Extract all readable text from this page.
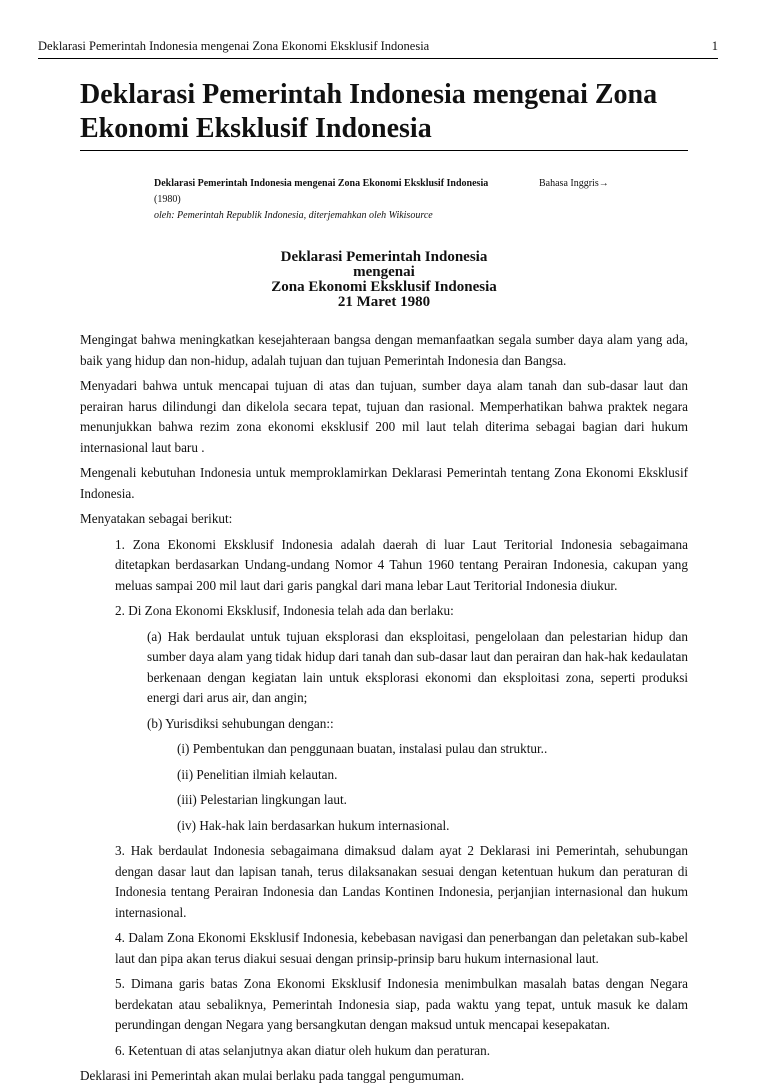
Deklarasi Pemerintah Indonesia mengenai Zona Ekonomi Eksklusif Indonesia	1
Deklarasi Pemerintah Indonesia mengenai Zona Ekonomi Eksklusif Indonesia
Deklarasi Pemerintah Indonesia mengenai Zona Ekonomi Eksklusif Indonesia	Bahasa Inggris→
(1980)
oleh: Pemerintah Republik Indonesia, diterjemahkan oleh Wikisource
Deklarasi Pemerintah Indonesia
mengenai
Zona Ekonomi Eksklusif Indonesia
21 Maret 1980

Mengingat bahwa meningkatkan kesejahteraan bangsa dengan memanfaatkan segala sumber daya alam yang ada, baik yang hidup dan non-hidup, adalah tujuan dan tujuan Pemerintah Indonesia dan Bangsa.

Menyadari bahwa untuk mencapai tujuan di atas dan tujuan, sumber daya alam tanah dan sub-dasar laut dan perairan harus dilindungi dan dikelola secara tepat, tujuan dan rasional. Memperhatikan bahwa praktek negara menunjukkan bahwa rezim zona ekonomi eksklusif 200 mil laut telah diterima sebagai bagian dari hukum internasional laut baru .

Mengenali kebutuhan Indonesia untuk memproklamirkan Deklarasi Pemerintah tentang Zona Ekonomi Eksklusif Indonesia.

Menyatakan sebagai berikut:

1. Zona Ekonomi Eksklusif Indonesia adalah daerah di luar Laut Teritorial Indonesia sebagaimana ditetapkan berdasarkan Undang-undang Nomor 4 Tahun 1960 tentang Perairan Indonesia, cakupan yang meluas sampai 200 mil laut dari garis pangkal dari mana lebar Laut Teritorial Indonesia diukur.

2. Di Zona Ekonomi Eksklusif, Indonesia telah ada dan berlaku:

(a) Hak berdaulat untuk tujuan eksplorasi dan eksploitasi, pengelolaan dan pelestarian hidup dan sumber daya alam yang tidak hidup dari tanah dan sub-dasar laut dan perairan dan hak-hak kedaulatan berkenaan dengan kegiatan lain untuk eksplorasi ekonomi dan eksploitasi zona, seperti produksi energi dari arus air, dan angin;

(b) Yurisdiksi sehubungan dengan::

(i) Pembentukan dan penggunaan buatan, instalasi pulau dan struktur..

(ii) Penelitian ilmiah kelautan.

(iii) Pelestarian lingkungan laut.

(iv) Hak-hak lain berdasarkan hukum internasional.

3. Hak berdaulat Indonesia sebagaimana dimaksud dalam ayat 2 Deklarasi ini Pemerintah, sehubungan dengan dasar laut dan lapisan tanah, terus dilaksanakan sesuai dengan ketentuan hukum dan peraturan di Indonesia tentang Perairan Indonesia dan Landas Kontinen Indonesia, perjanjian internasional dan hukum internasional.

4. Dalam Zona Ekonomi Eksklusif Indonesia, kebebasan navigasi dan penerbangan dan peletakan sub-kabel laut dan pipa akan terus diakui sesuai dengan prinsip-prinsip baru hukum internasional laut.

5. Dimana garis batas Zona Ekonomi Eksklusif Indonesia menimbulkan masalah batas dengan Negara berdekatan atau sebaliknya, Pemerintah Indonesia siap, pada waktu yang tepat, untuk masuk ke dalam perundingan dengan Negara yang bersangkutan dengan maksud untuk mencapai kesepakatan.

6. Ketentuan di atas selanjutnya akan diatur oleh hukum dan peraturan.

Deklarasi ini Pemerintah akan mulai berlaku pada tanggal pengumuman.
